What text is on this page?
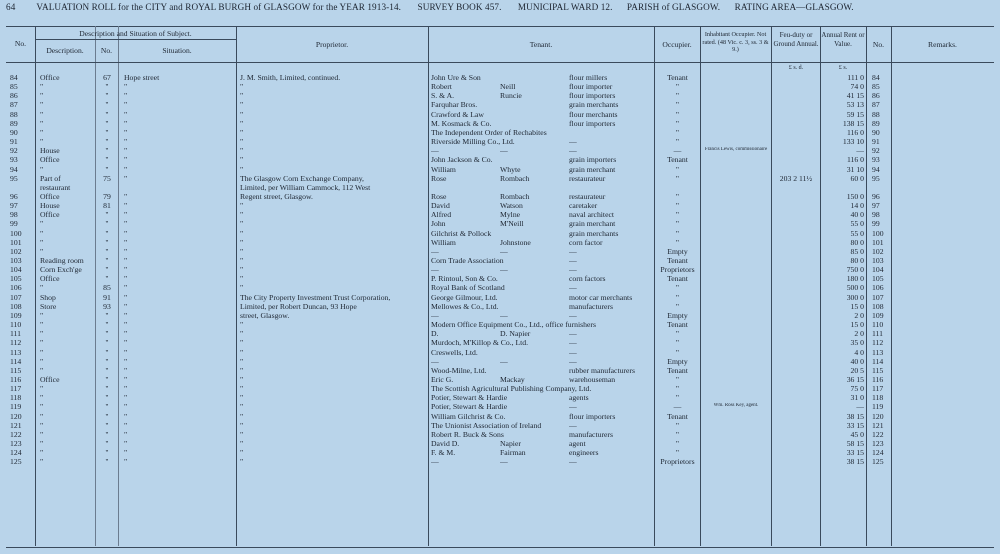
64 VALUATION ROLL for the CITY and ROYAL BURGH of GLASGOW for the YEAR 1913-14. SURVEY BOOK 457. MUNICIPAL WARD 12. PARISH of GLASGOW. RATING AREA—GLASGOW.
No.
Description and Situation of Subject.
Description.	No.	Situation.
Proprietor.	Tenant.	Occupier.
Inhabitant Occupier. Not rated. (48 Vic. c. 3, ss. 3 & 9.)
Feu-duty or Ground Annual.
Annual Rent or Value.	No.	Remarks.
£ s. d.	£ s.
84	Office	67	Hope street	J. M. Smith, Limited, continued.	John Ure & Son	flour millers	Tenant	111 0 84
85	"	"	"	"	Robert	Neill	flour importer	"	74 0 85
86	"	"	"	"	S. & A.	Runcie	flour importers	"	41 15 86
87	"	"	"	"	Farquhar Bros.	grain merchants	"	53 13 87
88	"	"	"	"	Crawford & Law	flour merchants	"	59 15 88
89	"	"	"	"	M. Kosmack & Co.	flour importers	"	138 15 89
90	"	"	"	"	The Independent Order of Rechabites	"	116 0 90
91	"	"	"	"	Riverside Milling Co., Ltd.	—	"	133 10 91
92	House	"	"	"	—	—	—	—	Francis Lewis, commissionaire	— 92
93	Office	"	"	"	John Jackson & Co.	grain importers	Tenant	116 0 93
94	"	"	"	"	William	Whyte	grain merchant	"	31 10 94
95	Part of	75	"	The Glasgow Corn Exchange Company,	Rose	Rombach	restaurateur	"	203 2 11½	60 0 95
restaurant	Limited, per William Cammock, 112 West
96	Office	79	"	Regent street, Glasgow.	Rose	Rombach	restaurateur	"	150 0 96
97	House	81	"	"	David	Watson	caretaker	"	14 0 97
98	Office	"	"	"	Alfred	Mylne	naval architect	"	40 0 98
99	"	"	"	"	John	M'Neill	grain merchant	"	55 0 99
100	"	"	"	"	Gilchrist & Pollock	grain merchants	"	55 0 100
101	"	"	"	"	William	Johnstone	corn factor	"	80 0 101
102	"	"	"	"	—	—	—	Empty	85 0 102
103	Reading room	"	"	"	Corn Trade Association	—	Tenant	80 0 103
104	Corn Exch'ge	"	"	"	—	—	—	Proprietors	750 0 104
105	Office	"	"	"	P. Rintoul, Son & Co.	corn factors	Tenant	180 0 105
106	"	85	"	"	Royal Bank of Scotland	—	"	500 0 106
107	Shop	91	"	The City Property Investment Trust Corporation,	George Gilmour, Ltd.	motor car merchants	"	300 0 107
108	Store	93	"	Limited, per Robert Duncan, 93 Hope	Mellowes & Co., Ltd.	manufacturers	"	15 0 108
109	"	"	"	street, Glasgow.	—	—	—	Empty	2 0 109
110	"	"	"	"	Modern Office Equipment Co., Ltd., office furnishers	Tenant	15 0 110
111	"	"	"	"	D.	D. Napier	—	"	2 0 111
112	"	"	"	"	Murdoch, M'Killop & Co., Ltd.	—	"	35 0 112
113	"	"	"	"	Creswells, Ltd.	—	"	4 0 113
114	"	"	"	"	—	—	—	Empty	40 0 114
115	"	"	"	"	Wood-Milne, Ltd.	rubber manufacturers	Tenant	20 5 115
116	Office	"	"	"	Eric G.	Mackay	warehouseman	"	36 15 116
117	"	"	"	"	The Scottish Agricultural Publishing Company, Ltd.	"	75 0 117
118	"	"	"	"	Potier, Stewart & Hardie	agents	"	31 0 118
119	"	"	"	"	Potier, Stewart & Hardie	—	—	Wm. Ross Key, agent.	— 119
120	"	"	"	"	William Gilchrist & Co.	flour importers	Tenant	38 15 120
121	"	"	"	"	The Unionist Association of Ireland	—	"	33 15 121
122	"	"	"	"	Robert R. Buck & Sons	manufacturers	"	45 0 122
123	"	"	"	"	David D.	Napier	agent	"	58 15 123
124	"	"	"	"	F. & M.	Fairman	engineers	"	33 15 124
125	"	"	"	"	—	—	—	Proprietors	38 15 125
